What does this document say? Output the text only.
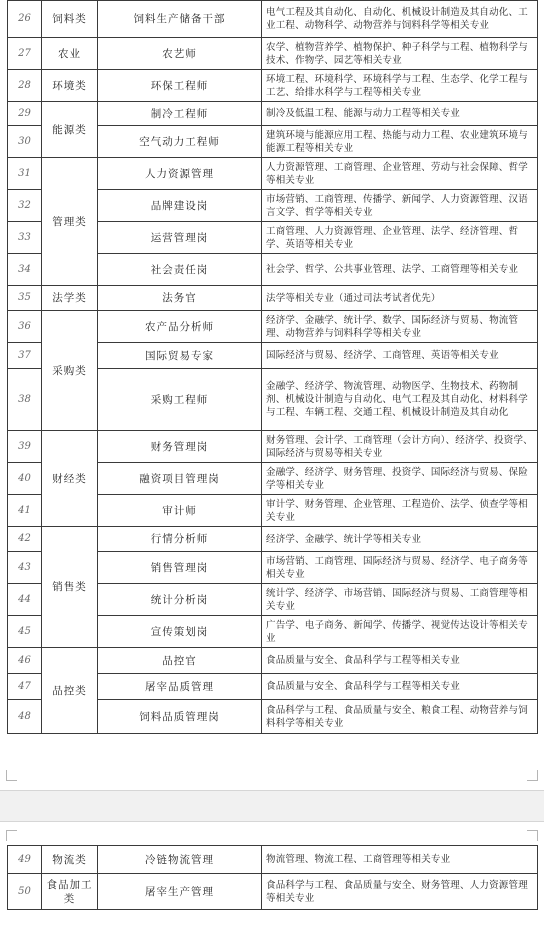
26	饲料类	饲料生产储备干部	电气工程及其自动化、自动化、机械设计制造及其自动化、工业工程、动物科学、动物营养与饲料科学等相关专业
27	农业	农艺师	农学、植物营养学、植物保护、种子科学与工程、植物科学与技术、作物学、园艺等相关专业
28	环境类	环保工程师	环境工程、环境科学、环境科学与工程、生态学、化学工程与工艺、给排水科学与工程等相关专业
29	能源类	制冷工程师	制冷及低温工程、能源与动力工程等相关专业
30		空气动力工程师	建筑环境与能源应用工程、热能与动力工程、农业建筑环境与能源工程等相关专业
31	管理类	人力资源管理	人力资源管理、工商管理、企业管理、劳动与社会保障、哲学等相关专业
32		品牌建设岗	市场营销、工商管理、传播学、新闻学、人力资源管理、汉语言文学、哲学等相关专业
33		运营管理岗	工商管理、人力资源管理、企业管理、法学、经济管理、哲学、英语等相关专业
34		社会责任岗	社会学、哲学、公共事业管理、法学、工商管理等相关专业
35	法学类	法务官	法学等相关专业（通过司法考试者优先）
36	采购类	农产品分析师	经济学、金融学、统计学、数学、国际经济与贸易、物流管理、动物营养与饲料科学等相关专业
37		国际贸易专家	国际经济与贸易、经济学、工商管理、英语等相关专业
38		采购工程师	金融学、经济学、物流管理、动物医学、生物技术、药物制剂、机械设计制造与自动化、电气工程及其自动化、材料科学与工程、车辆工程、交通工程、机械设计制造及其自动化
39	财经类	财务管理岗	财务管理、会计学、工商管理（会计方向）、经济学、投资学、国际经济与贸易等相关专业
40		融资项目管理岗	金融学、经济学、财务管理、投资学、国际经济与贸易、保险学等相关专业
41		审计师	审计学、财务管理、企业管理、工程造价、法学、侦查学等相关专业
42	销售类	行情分析师	经济学、金融学、统计学等相关专业
43		销售管理岗	市场营销、工商管理、国际经济与贸易、经济学、电子商务等相关专业
44		统计分析岗	统计学、经济学、市场营销、国际经济与贸易、工商管理等相关专业
45		宣传策划岗	广告学、电子商务、新闻学、传播学、视觉传达设计等相关专业
46	品控类	品控官	食品质量与安全、食品科学与工程等相关专业
47		屠宰品质管理	食品质量与安全、食品科学与工程等相关专业
48		饲料品质管理岗	食品科学与工程、食品质量与安全、粮食工程、动物营养与饲料科学等相关专业
49	物流类	冷链物流管理	物流管理、物流工程、工商管理等相关专业
50	食品加工类	屠宰生产管理	食品科学与工程、食品质量与安全、财务管理、人力资源管理等相关专业
